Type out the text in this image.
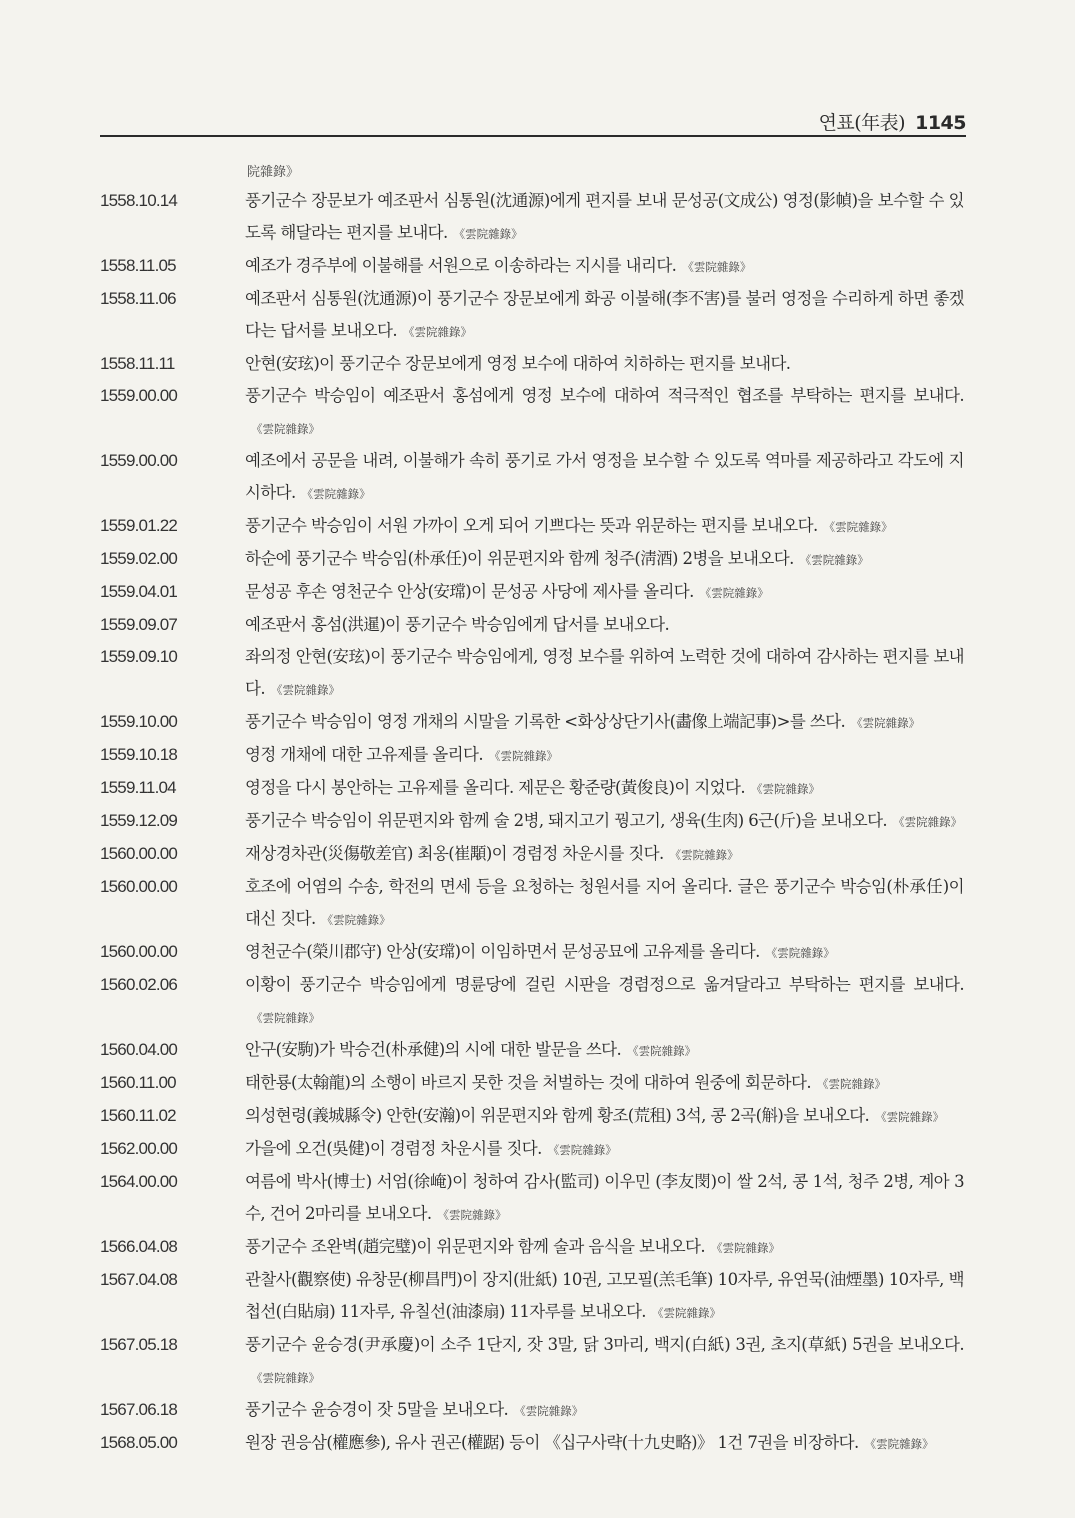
연표(年表) 1145
院雜錄》
1558.10.14	풍기군수 장문보가 예조판서 심통원(沈通源)에게 편지를 보내 문성공(文成公) 영정(影幀)을 보수할 수 있도록 해달라는 편지를 보내다. 《雲院雜錄》
1558.11.05	예조가 경주부에 이불해를 서원으로 이송하라는 지시를 내리다. 《雲院雜錄》
1558.11.06	예조판서 심통원(沈通源)이 풍기군수 장문보에게 화공 이불해(李不害)를 불러 영정을 수리하게 하면 좋겠다는 답서를 보내오다. 《雲院雜錄》
1558.11.11	안현(安玹)이 풍기군수 장문보에게 영정 보수에 대하여 치하하는 편지를 보내다.
1559.00.00	풍기군수 박승임이 예조판서 홍섬에게 영정 보수에 대하여 적극적인 협조를 부탁하는 편지를 보내다.《雲院雜錄》
1559.00.00	예조에서 공문을 내려, 이불해가 속히 풍기로 가서 영정을 보수할 수 있도록 역마를 제공하라고 각도에 지시하다. 《雲院雜錄》
1559.01.22	풍기군수 박승임이 서원 가까이 오게 되어 기쁘다는 뜻과 위문하는 편지를 보내오다. 《雲院雜錄》
1559.02.00	하순에 풍기군수 박승임(朴承任)이 위문편지와 함께 청주(淸酒) 2병을 보내오다. 《雲院雜錄》
1559.04.01	문성공 후손 영천군수 안상(安瑺)이 문성공 사당에 제사를 올리다. 《雲院雜錄》
1559.09.07	예조판서 홍섬(洪暹)이 풍기군수 박승임에게 답서를 보내오다.
1559.09.10	좌의정 안현(安玹)이 풍기군수 박승임에게, 영정 보수를 위하여 노력한 것에 대하여 감사하는 편지를 보내다. 《雲院雜錄》
1559.10.00	풍기군수 박승임이 영정 개채의 시말을 기록한 <화상상단기사(畵像上端記事)>를 쓰다. 《雲院雜錄》
1559.10.18	영정 개채에 대한 고유제를 올리다. 《雲院雜錄》
1559.11.04	영정을 다시 봉안하는 고유제를 올리다. 제문은 황준량(黃俊良)이 지었다. 《雲院雜錄》
1559.12.09	풍기군수 박승임이 위문편지와 함께 술 2병, 돼지고기 꿩고기, 생육(生肉) 6근(斤)을 보내오다. 《雲院雜錄》
1560.00.00	재상경차관(災傷敬差官) 최옹(崔顒)이 경렴정 차운시를 짓다. 《雲院雜錄》
1560.00.00	호조에 어염의 수송, 학전의 면세 등을 요청하는 청원서를 지어 올리다. 글은 풍기군수 박승임(朴承任)이 대신 짓다. 《雲院雜錄》
1560.00.00	영천군수(榮川郡守) 안상(安瑺)이 이임하면서 문성공묘에 고유제를 올리다. 《雲院雜錄》
1560.02.06	이황이 풍기군수 박승임에게 명륜당에 걸린 시판을 경렴정으로 옮겨달라고 부탁하는 편지를 보내다.《雲院雜錄》
1560.04.00	안구(安駒)가 박승건(朴承健)의 시에 대한 발문을 쓰다. 《雲院雜錄》
1560.11.00	태한룡(太翰龍)의 소행이 바르지 못한 것을 처벌하는 것에 대하여 원중에 회문하다. 《雲院雜錄》
1560.11.02	의성현령(義城縣令) 안한(安瀚)이 위문편지와 함께 황조(荒租) 3석, 콩 2곡(斛)을 보내오다. 《雲院雜錄》
1562.00.00	가을에 오건(吳健)이 경렴정 차운시를 짓다. 《雲院雜錄》
1564.00.00	여름에 박사(博士) 서엄(徐崦)이 청하여 감사(監司) 이우민 (李友閔)이 쌀 2석, 콩 1석, 청주 2병, 계아 3수, 건어 2마리를 보내오다. 《雲院雜錄》
1566.04.08	풍기군수 조완벽(趙完璧)이 위문편지와 함께 술과 음식을 보내오다. 《雲院雜錄》
1567.04.08	관찰사(觀察使) 유창문(柳昌門)이 장지(壯紙) 10권, 고모필(羔毛筆) 10자루, 유연묵(油煙墨) 10자루, 백첩선(白貼扇) 11자루, 유칠선(油漆扇) 11자루를 보내오다. 《雲院雜錄》
1567.05.18	풍기군수 윤승경(尹承慶)이 소주 1단지, 잣 3말, 닭 3마리, 백지(白紙) 3권, 초지(草紙) 5권을 보내오다.《雲院雜錄》
1567.06.18	풍기군수 윤승경이 잣 5말을 보내오다. 《雲院雜錄》
1568.05.00	원장 권응삼(權應參), 유사 권곤(權踞) 등이 《십구사략(十九史略)》 1건 7권을 비장하다. 《雲院雜錄》
